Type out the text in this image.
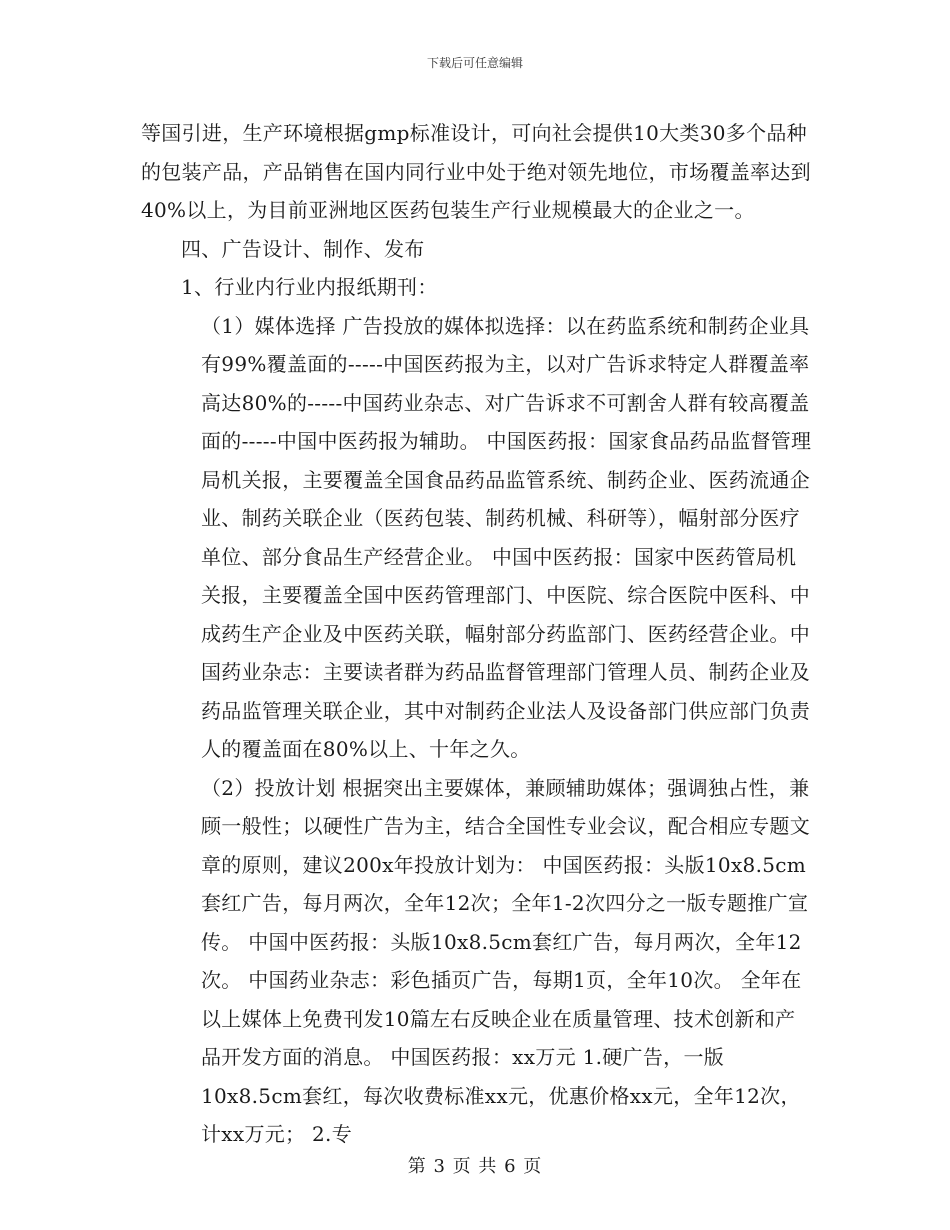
下载后可任意编辑

等国引进，生产环境根据gmp标准设计，可向社会提供10大类30多个品种的包装产品，产品销售在国内同行业中处于绝对领先地位，市场覆盖率达到40%以上，为目前亚洲地区医药包装生产行业规模最大的企业之一。

四、广告设计、制作、发布

1、行业内行业内报纸期刊：

（1）媒体选择 广告投放的媒体拟选择：以在药监系统和制药企业具有99%覆盖面的-----中国医药报为主，以对广告诉求特定人群覆盖率高达80%的-----中国药业杂志、对广告诉求不可割舍人群有较高覆盖面的-----中国中医药报为辅助。 中国医药报：国家食品药品监督管理局机关报，主要覆盖全国食品药品监管系统、制药企业、医药流通企业、制药关联企业（医药包装、制药机械、科研等），幅射部分医疗单位、部分食品生产经营企业。 中国中医药报：国家中医药管局机关报，主要覆盖全国中医药管理部门、中医院、综合医院中医科、中成药生产企业及中医药关联，幅射部分药监部门、医药经营企业。中国药业杂志：主要读者群为药品监督管理部门管理人员、制药企业及药品监管理关联企业，其中对制药企业法人及设备部门供应部门负责人的覆盖面在80%以上、十年之久。

（2）投放计划 根据突出主要媒体，兼顾辅助媒体；强调独占性，兼顾一般性；以硬性广告为主，结合全国性专业会议，配合相应专题文章的原则，建议200x年投放计划为： 中国医药报：头版10x8.5cm套红广告，每月两次，全年12次；全年1-2次四分之一版专题推广宣传。 中国中医药报：头版10x8.5cm套红广告，每月两次，全年12次。 中国药业杂志：彩色插页广告，每期1页，全年10次。 全年在以上媒体上免费刊发10篇左右反映企业在质量管理、技术创新和产品开发方面的消息。 中国医药报：xx万元 1.硬广告，一版10x8.5cm套红，每次收费标准xx元，优惠价格xx元，全年12次，计xx万元； 2.专

第 3 页 共 6 页
